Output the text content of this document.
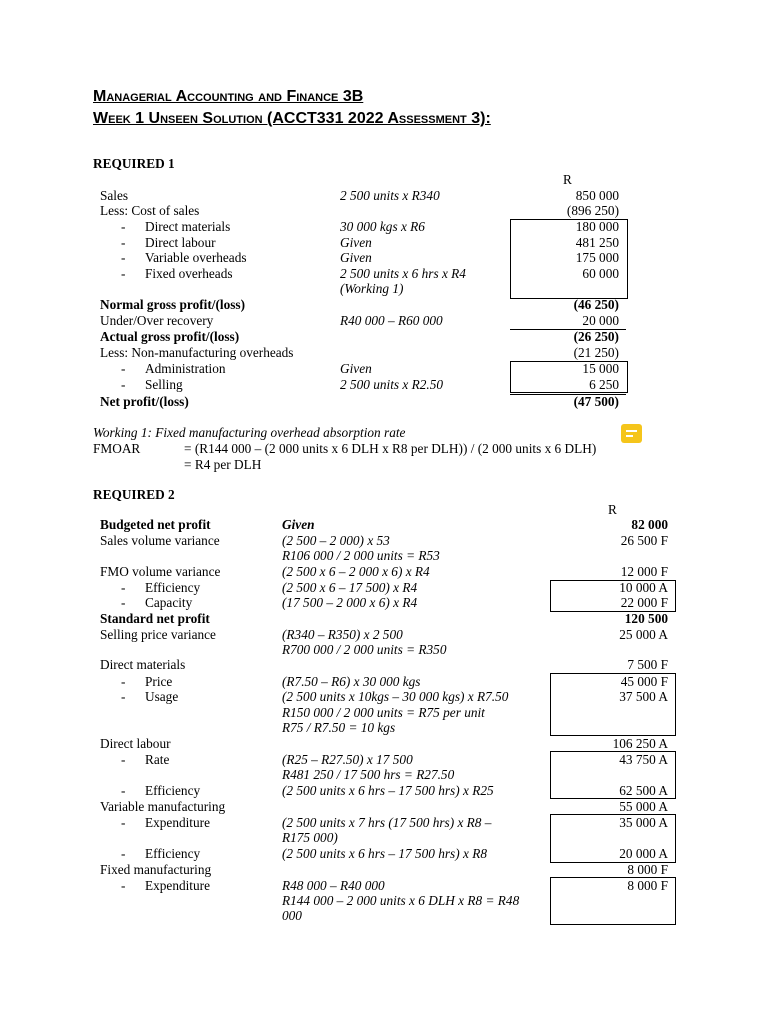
Managerial Accounting and Finance 3B
Week 1 Unseen Solution (ACCT331 2022 Assessment 3):
REQUIRED 1
R
Sales	2 500 units x R340	850 000
Less: Cost of sales	(896 250)
- Direct materials	30 000 kgs x R6	180 000
- Direct labour	Given	481 250
- Variable overheads	Given	175 000
- Fixed overheads	2 500 units x 6 hrs x R4	60 000
(Working 1)
Normal gross profit/(loss)	(46 250)
Under/Over recovery	R40 000 – R60 000	20 000
Actual gross profit/(loss)	(26 250)
Less: Non-manufacturing overheads	(21 250)
- Administration	Given	15 000
- Selling	2 500 units x R2.50	6 250
Net profit/(loss)	(47 500)
Working 1: Fixed manufacturing overhead absorption rate
FMOAR	= (R144 000 – (2 000 units x 6 DLH x R8 per DLH)) / (2 000 units x 6 DLH)
= R4 per DLH
REQUIRED 2
R
Budgeted net profit	Given	82 000
Sales volume variance	(2 500 – 2 000) x 53	26 500 F
R106 000 / 2 000 units = R53
FMO volume variance	(2 500 x 6 – 2 000 x 6) x R4	12 000 F
- Efficiency	(2 500 x 6 – 17 500) x R4	10 000 A
- Capacity	(17 500 – 2 000 x 6) x R4	22 000 F
Standard net profit	120 500
Selling price variance	(R340 – R350) x 2 500	25 000 A
R700 000 / 2 000 units = R350
Direct materials	7 500 F
- Price	(R7.50 – R6) x 30 000 kgs	45 000 F
- Usage	(2 500 units x 10kgs – 30 000 kgs) x R7.50	37 500 A
R150 000 / 2 000 units = R75 per unit
R75 / R7.50 = 10 kgs
Direct labour	106 250 A
- Rate	(R25 – R27.50) x 17 500	43 750 A
R481 250 / 17 500 hrs = R27.50
- Efficiency	(2 500 units x 6 hrs – 17 500 hrs) x R25	62 500 A
Variable manufacturing	55 000 A
- Expenditure	(2 500 units x 7 hrs (17 500 hrs) x R8 –	35 000 A
R175 000)
- Efficiency	(2 500 units x 6 hrs – 17 500 hrs) x R8	20 000 A
Fixed manufacturing	8 000 F
- Expenditure	R48 000 – R40 000	8 000 F
R144 000 – 2 000 units x 6 DLH x R8 = R48
000
